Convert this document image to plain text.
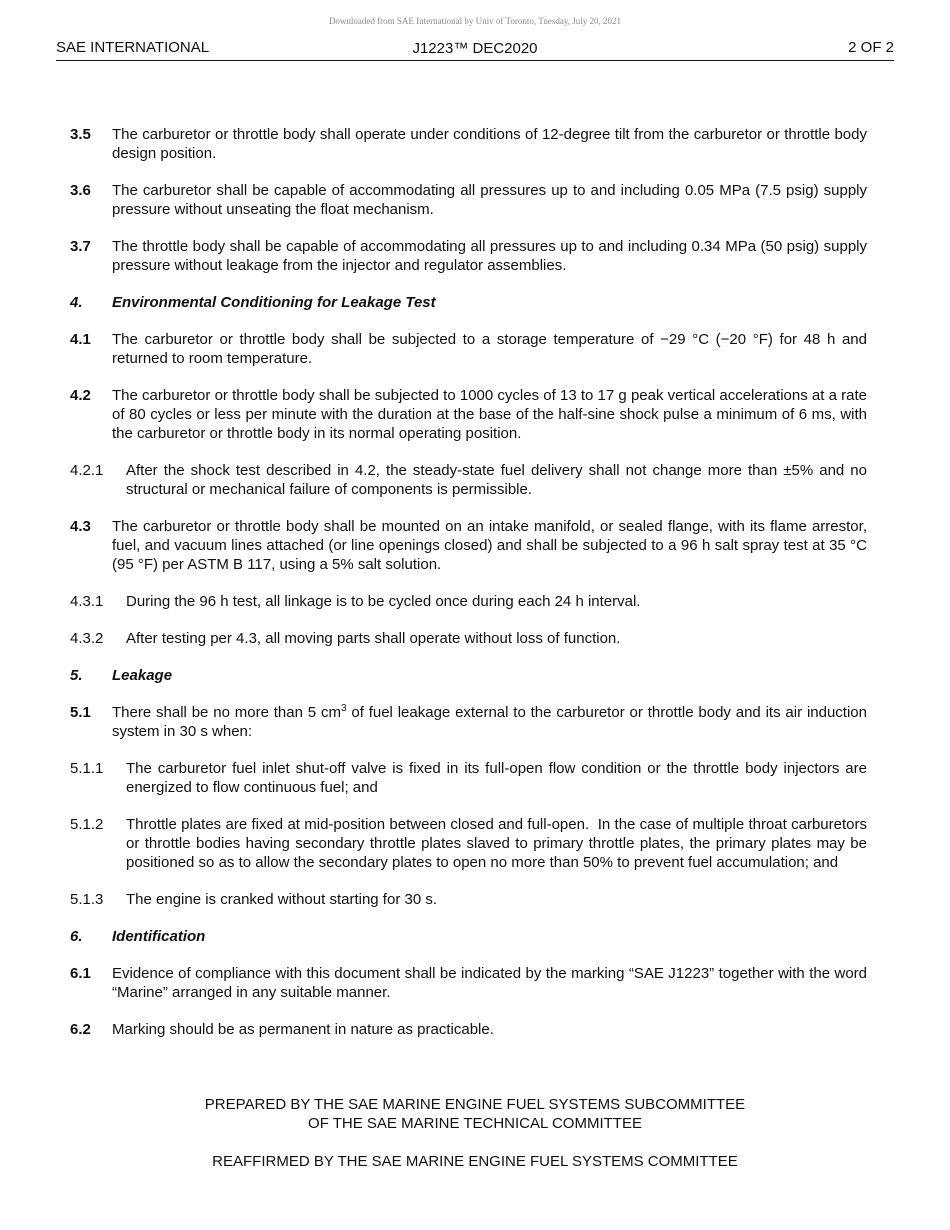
Downloaded from SAE International by Univ of Toronto, Tuesday, July 20, 2021
SAE INTERNATIONAL	J1223™ DEC2020	2 OF 2
3.5 The carburetor or throttle body shall operate under conditions of 12-degree tilt from the carburetor or throttle body design position.
3.6 The carburetor shall be capable of accommodating all pressures up to and including 0.05 MPa (7.5 psig) supply pressure without unseating the float mechanism.
3.7 The throttle body shall be capable of accommodating all pressures up to and including 0.34 MPa (50 psig) supply pressure without leakage from the injector and regulator assemblies.
4. Environmental Conditioning for Leakage Test
4.1 The carburetor or throttle body shall be subjected to a storage temperature of −29 °C (−20 °F) for 48 h and returned to room temperature.
4.2 The carburetor or throttle body shall be subjected to 1000 cycles of 13 to 17 g peak vertical accelerations at a rate of 80 cycles or less per minute with the duration at the base of the half-sine shock pulse a minimum of 6 ms, with the carburetor or throttle body in its normal operating position.
4.2.1 After the shock test described in 4.2, the steady-state fuel delivery shall not change more than ±5% and no structural or mechanical failure of components is permissible.
4.3 The carburetor or throttle body shall be mounted on an intake manifold, or sealed flange, with its flame arrestor, fuel, and vacuum lines attached (or line openings closed) and shall be subjected to a 96 h salt spray test at 35 °C (95 °F) per ASTM B 117, using a 5% salt solution.
4.3.1 During the 96 h test, all linkage is to be cycled once during each 24 h interval.
4.3.2 After testing per 4.3, all moving parts shall operate without loss of function.
5. Leakage
5.1 There shall be no more than 5 $cm^3$ of fuel leakage external to the carburetor or throttle body and its air induction system in 30 s when:
5.1.1 The carburetor fuel inlet shut-off valve is fixed in its full-open flow condition or the throttle body injectors are energized to flow continuous fuel; and
5.1.2 Throttle plates are fixed at mid-position between closed and full-open.  In the case of multiple throat carburetors or throttle bodies having secondary throttle plates slaved to primary throttle plates, the primary plates may be positioned so as to allow the secondary plates to open no more than 50% to prevent fuel accumulation; and
5.1.3 The engine is cranked without starting for 30 s.
6. Identification
6.1 Evidence of compliance with this document shall be indicated by the marking “SAE J1223” together with the word “Marine” arranged in any suitable manner.
6.2 Marking should be as permanent in nature as practicable.
PREPARED BY THE SAE MARINE ENGINE FUEL SYSTEMS SUBCOMMITTEE
OF THE SAE MARINE TECHNICAL COMMITTEE
REAFFIRMED BY THE SAE MARINE ENGINE FUEL SYSTEMS COMMITTEE
